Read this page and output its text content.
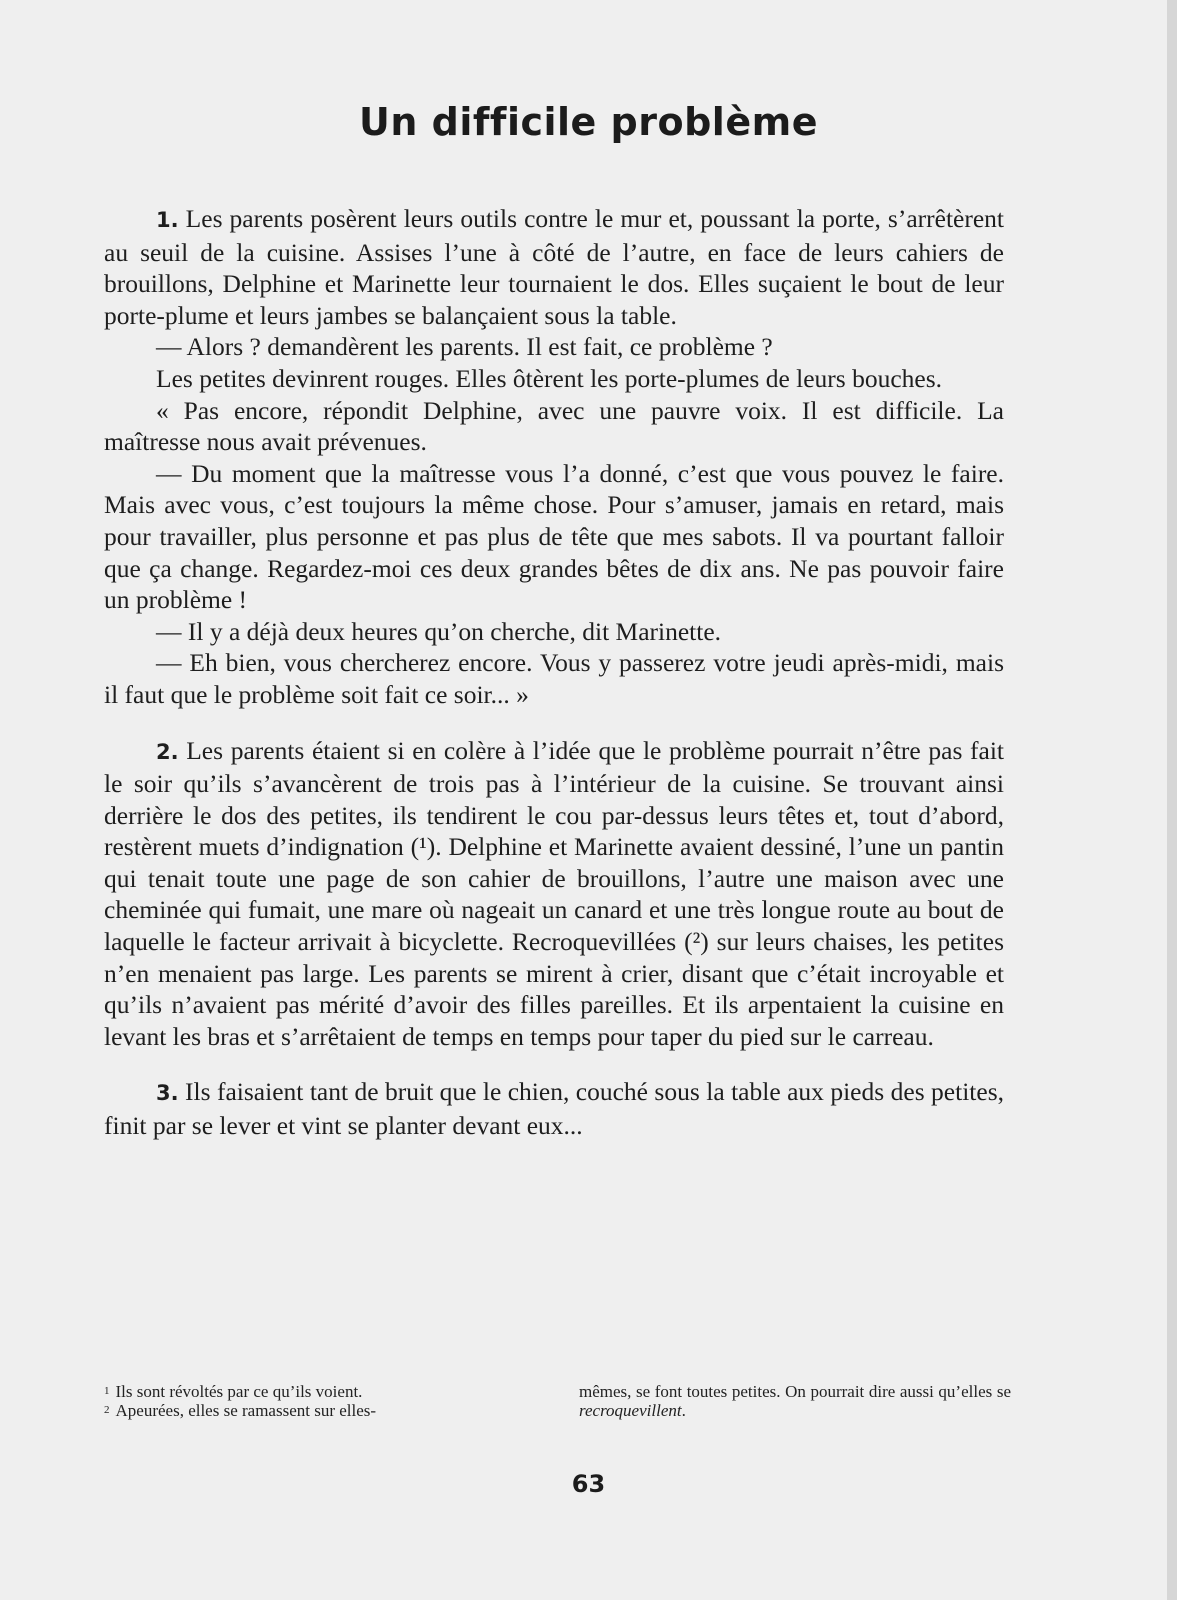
Un difficile problème

1. Les parents posèrent leurs outils contre le mur et, poussant la porte, s’arrêtèrent au seuil de la cuisine. Assises l’une à côté de l’autre, en face de leurs cahiers de brouillons, Delphine et Marinette leur tournaient le dos. Elles suçaient le bout de leur porte-plume et leurs jambes se balançaient sous la table.

— Alors ? demandèrent les parents. Il est fait, ce problème ?

Les petites devinrent rouges. Elles ôtèrent les porte-plumes de leurs bouches.

« Pas encore, répondit Delphine, avec une pauvre voix. Il est difficile. La maîtresse nous avait prévenues.

— Du moment que la maîtresse vous l’a donné, c’est que vous pouvez le faire. Mais avec vous, c’est toujours la même chose. Pour s’amuser, jamais en retard, mais pour travailler, plus personne et pas plus de tête que mes sabots. Il va pourtant falloir que ça change. Regardez-moi ces deux grandes bêtes de dix ans. Ne pas pouvoir faire un problème !

— Il y a déjà deux heures qu’on cherche, dit Marinette.

— Eh bien, vous chercherez encore. Vous y passerez votre jeudi après-midi, mais il faut que le problème soit fait ce soir... »

2. Les parents étaient si en colère à l’idée que le problème pourrait n’être pas fait le soir qu’ils s’avancèrent de trois pas à l’intérieur de la cuisine. Se trouvant ainsi derrière le dos des petites, ils tendirent le cou par-dessus leurs têtes et, tout d’abord, restèrent muets d’indignation (¹). Delphine et Marinette avaient dessiné, l’une un pantin qui tenait toute une page de son cahier de brouillons, l’autre une maison avec une cheminée qui fumait, une mare où nageait un canard et une très longue route au bout de laquelle le facteur arrivait à bicyclette. Recroquevillées (²) sur leurs chaises, les petites n’en menaient pas large. Les parents se mirent à crier, disant que c’était incroyable et qu’ils n’avaient pas mérité d’avoir des filles pareilles. Et ils arpentaient la cuisine en levant les bras et s’arrêtaient de temps en temps pour taper du pied sur le carreau.

3. Ils faisaient tant de bruit que le chien, couché sous la table aux pieds des petites, finit par se lever et vint se planter devant eux...

$^1$ Ils sont révoltés par ce qu’ils voient.

$^2$ Apeurées, elles se ramassent sur elles-

mêmes, se font toutes petites. On pourrait dire aussi qu’elles se recroquevillent.

63
